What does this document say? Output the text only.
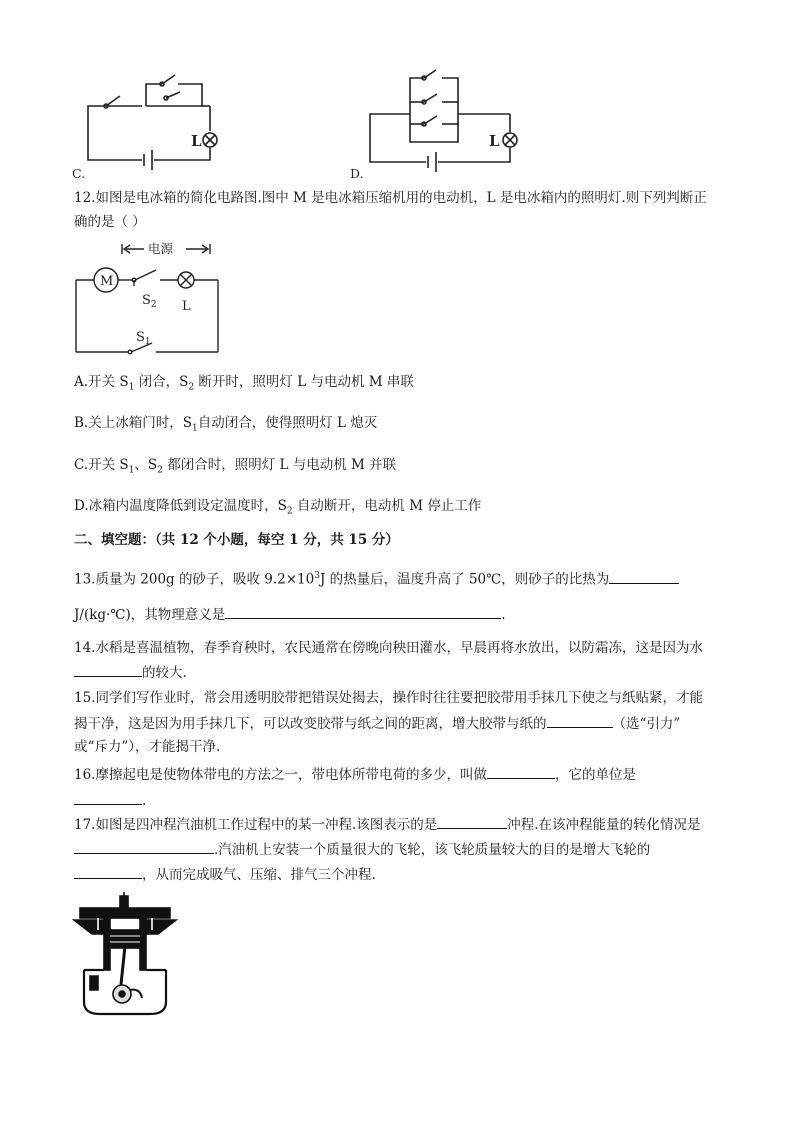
L
C.
L
D.
12.如图是电冰箱的简化电路图.图中 M 是电冰箱压缩机用的电动机，L 是电冰箱内的照明灯.则下列判断正
确的是（ ）
电源
M
$S_2$ L
$S_1$
A.开关 $S_1$ 闭合，$S_2$ 断开时，照明灯 L 与电动机 M 串联
B.关上冰箱门时，$S_1$自动闭合，使得照明灯 L 熄灭
C.开关 $S_1$、$S_2$ 都闭合时，照明灯 L 与电动机 M 并联
D.冰箱内温度降低到设定温度时，$S_2$ 自动断开，电动机 M 停止工作
二、填空题：（共 12 个小题，每空 1 分，共 15 分）
13.质量为 200g 的砂子，吸收 $9.2\times 10^3J$ 的热量后，温度升高了 50℃，则砂子的比热为
J/(kg·℃)，其物理意义是	.
14.水稻是喜温植物，春季育秧时，农民通常在傍晚向秧田灌水，早晨再将水放出，以防霜冻，这是因为水
的较大.
15.同学们写作业时，常会用透明胶带把错误处揭去，操作时往往要把胶带用手抹几下使之与纸贴紧，才能
揭干净，这是因为用手抹几下，可以改变胶带与纸之间的距离，增大胶带与纸的	（选“引力”
或“斥力”），才能揭干净.
16.摩擦起电是使物体带电的方法之一，带电体所带电荷的多少，叫做	，它的单位是
.
17.如图是四冲程汽油机工作过程中的某一冲程.该图表示的是	冲程.在该冲程能量的转化情况是
.汽油机上安装一个质量很大的飞轮，该飞轮质量较大的目的是增大飞轮的
，从而完成吸气、压缩、排气三个冲程.
